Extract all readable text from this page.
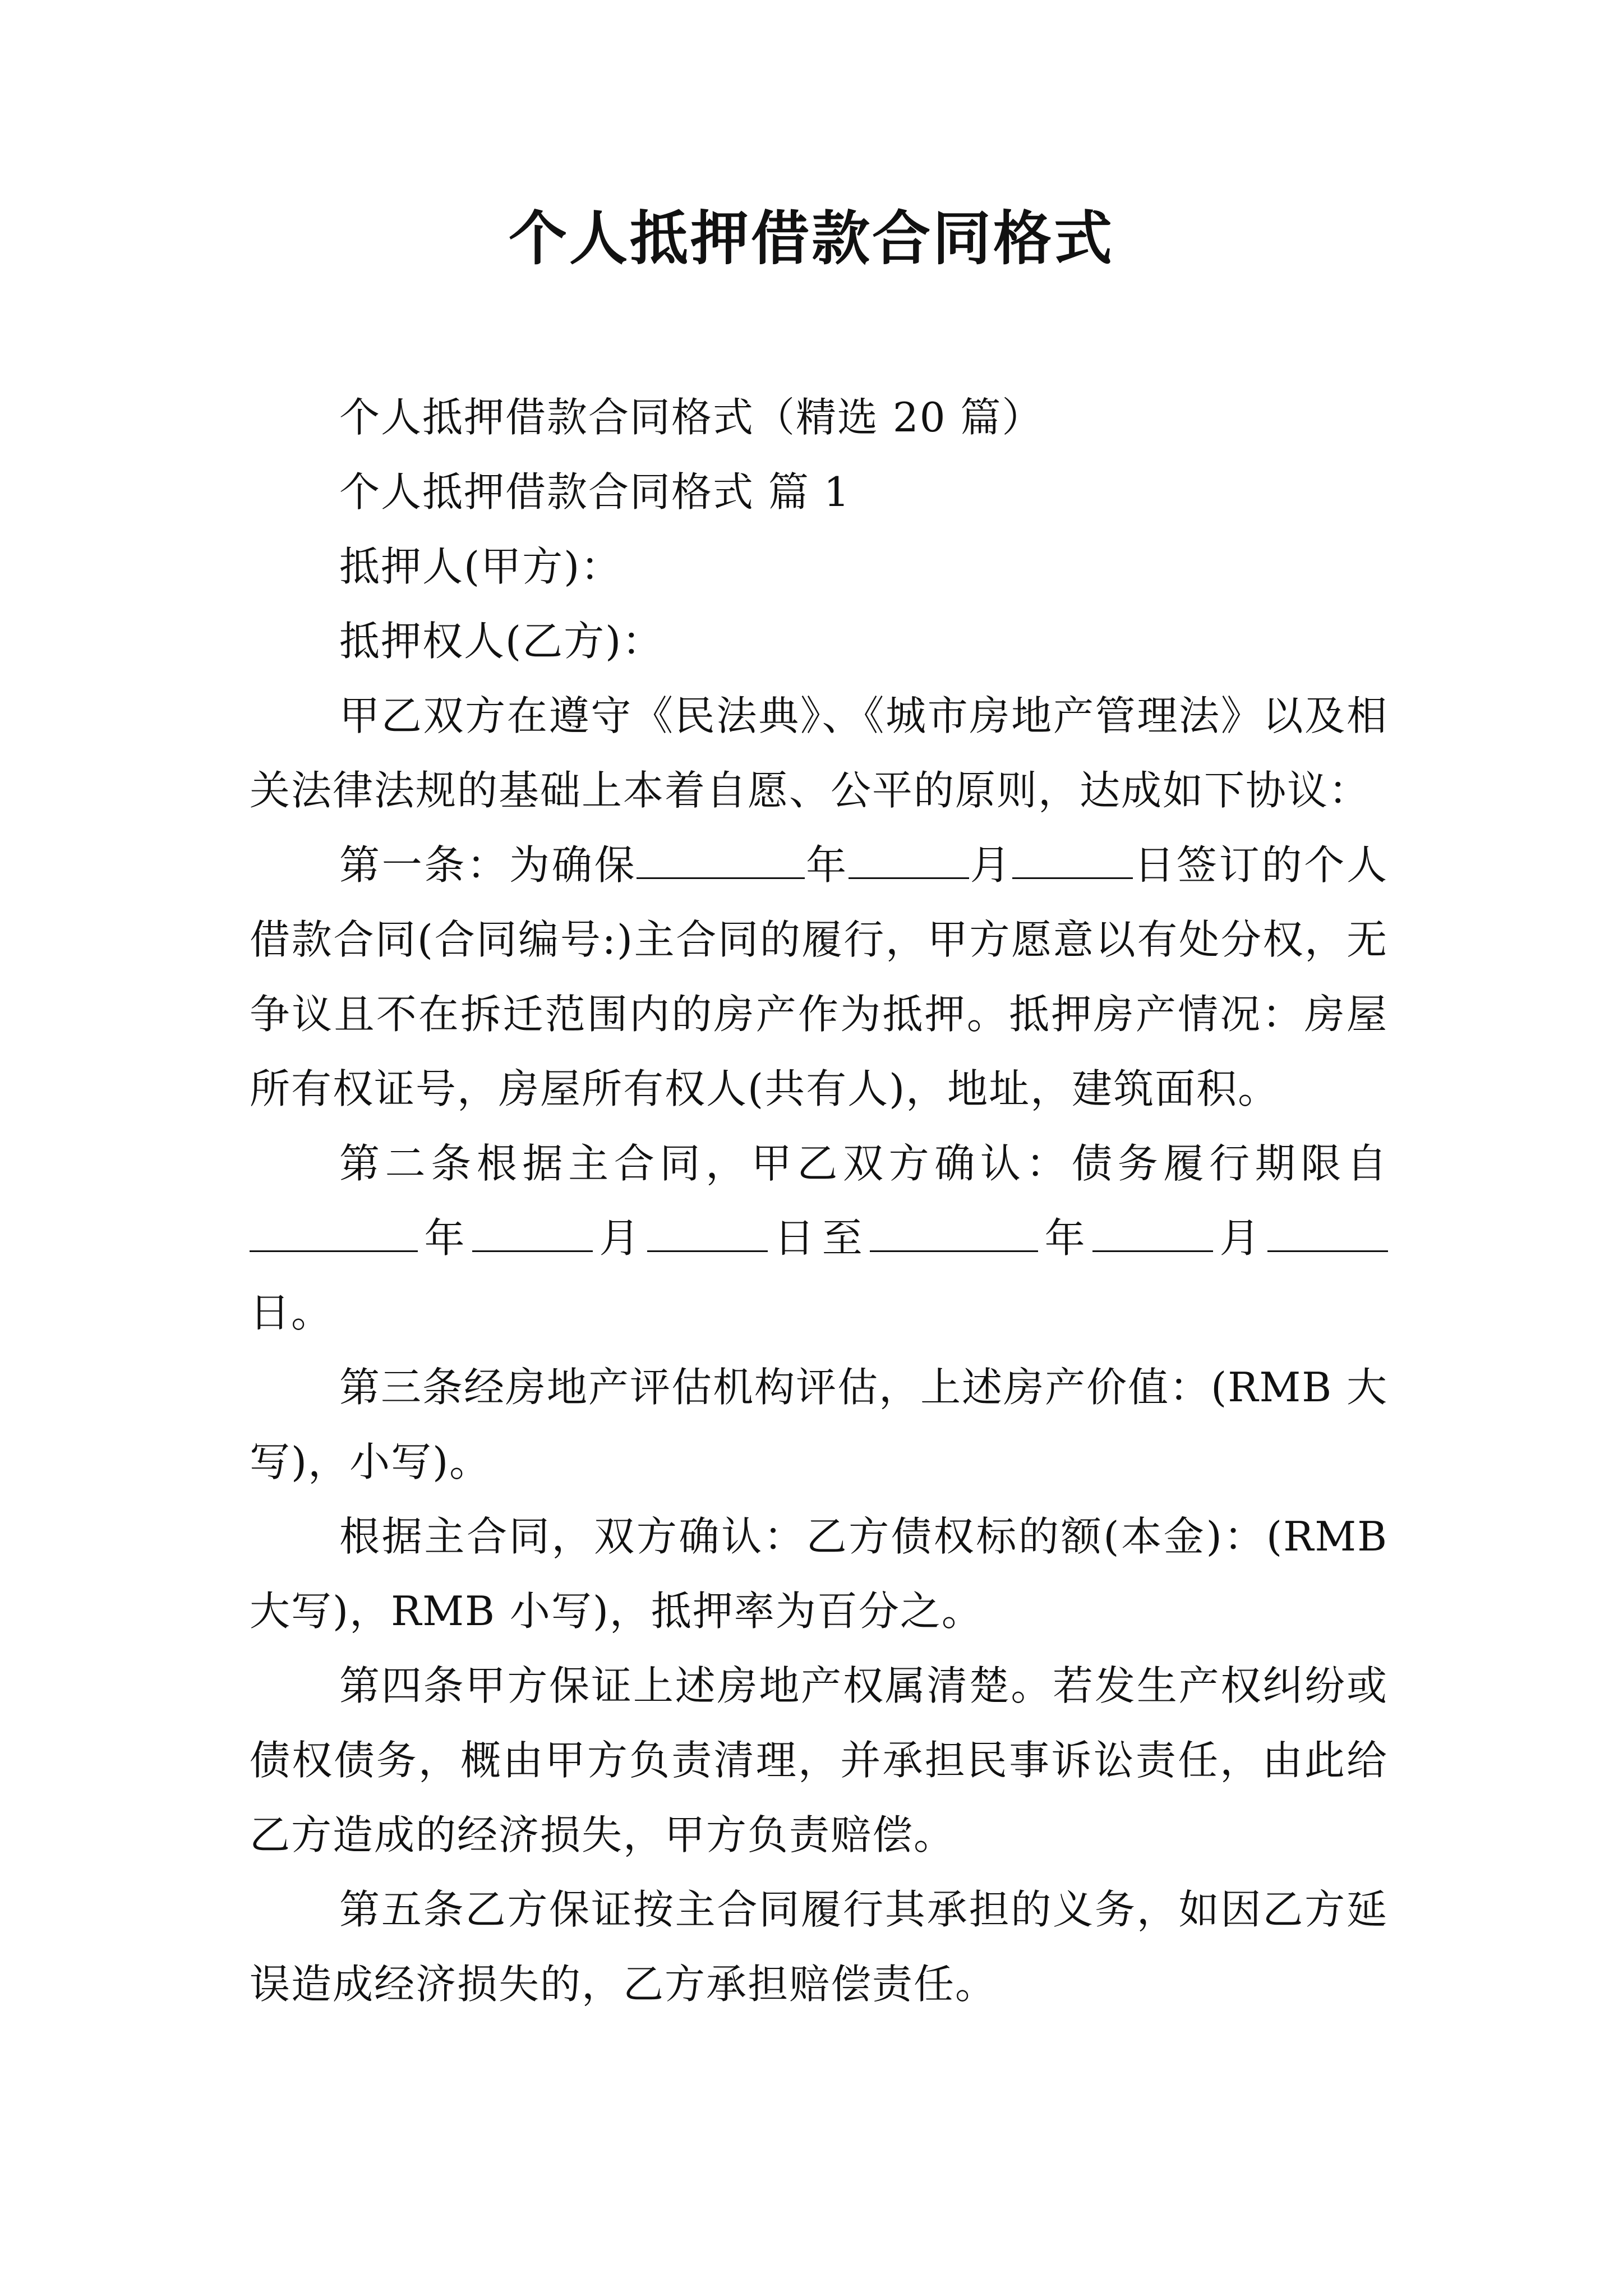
个人抵押借款合同格式

个人抵押借款合同格式（精选 20 篇）

个人抵押借款合同格式 篇 1

抵押人(甲方)：

抵押权人(乙方)：

甲乙双方在遵守《民法典》、《城市房地产管理法》以及相关法律法规的基础上本着自愿、公平的原则，达成如下协议：

第一条：为确保	年	月	日签订的个人借款合同(合同编号:)主合同的履行，甲方愿意以有处分权，无争议且不在拆迁范围内的房产作为抵押。抵押房产情况：房屋所有权证号，房屋所有权人(共有人)，地址，建筑面积。

第二条根据主合同，甲乙双方确认：债务履行期限自年	月	日至	年	月日。

第三条经房地产评估机构评估，上述房产价值：(RMB 大写)，小写)。

根据主合同，双方确认：乙方债权标的额(本金)：(RMB 大写)，RMB 小写)，抵押率为百分之。

第四条甲方保证上述房地产权属清楚。若发生产权纠纷或债权债务，概由甲方负责清理，并承担民事诉讼责任，由此给乙方造成的经济损失，甲方负责赔偿。

第五条乙方保证按主合同履行其承担的义务，如因乙方延误造成经济损失的，乙方承担赔偿责任。
